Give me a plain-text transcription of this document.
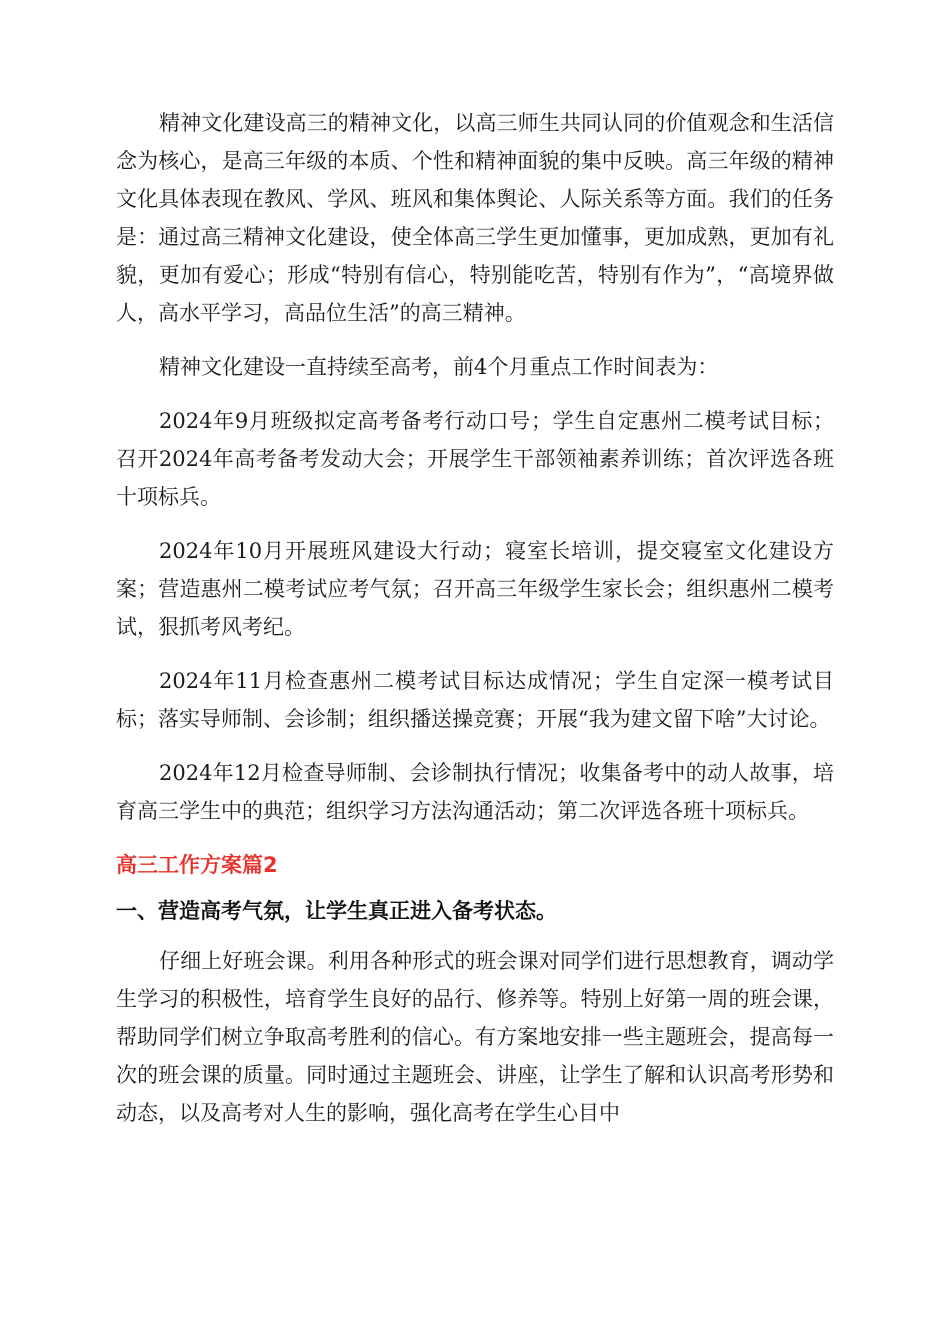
精神文化建设高三的精神文化，以高三师生共同认同的价值观念和生活信念为核心，是高三年级的本质、个性和精神面貌的集中反映。高三年级的精神文化具体表现在教风、学风、班风和集体舆论、人际关系等方面。我们的任务是：通过高三精神文化建设，使全体高三学生更加懂事，更加成熟，更加有礼貌，更加有爱心；形成“特别有信心，特别能吃苦，特别有作为”，“高境界做人，高水平学习，高品位生活”的高三精神。

精神文化建设一直持续至高考，前4个月重点工作时间表为：

2024年9月班级拟定高考备考行动口号；学生自定惠州二模考试目标；召开2024年高考备考发动大会；开展学生干部领袖素养训练；首次评选各班十项标兵。

2024年10月开展班风建设大行动；寝室长培训，提交寝室文化建设方案；营造惠州二模考试应考气氛；召开高三年级学生家长会；组织惠州二模考试，狠抓考风考纪。

2024年11月检查惠州二模考试目标达成情况；学生自定深一模考试目标；落实导师制、会诊制；组织播送操竞赛；开展“我为建文留下啥”大讨论。

2024年12月检查导师制、会诊制执行情况；收集备考中的动人故事，培育高三学生中的典范；组织学习方法沟通活动；第二次评选各班十项标兵。

高三工作方案篇2
一、营造高考气氛，让学生真正进入备考状态。

仔细上好班会课。利用各种形式的班会课对同学们进行思想教育，调动学生学习的积极性，培育学生良好的品行、修养等。特别上好第一周的班会课，帮助同学们树立争取高考胜利的信心。有方案地安排一些主题班会，提高每一次的班会课的质量。同时通过主题班会、讲座，让学生了解和认识高考形势和动态，以及高考对人生的影响，强化高考在学生心目中
